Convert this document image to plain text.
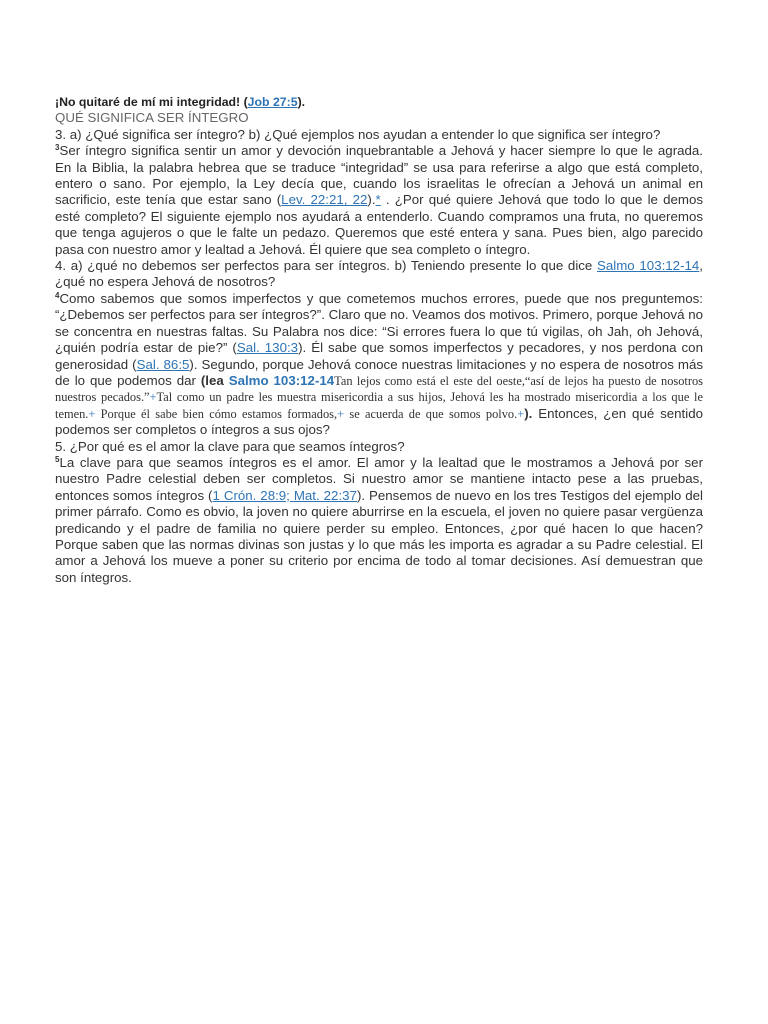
¡No quitaré de mí mi integridad! (Job 27:5).

QUÉ SIGNIFICA SER ÍNTEGRO

3. a) ¿Qué significa ser íntegro? b) ¿Qué ejemplos nos ayudan a entender lo que significa ser íntegro?

$^3$Ser íntegro significa sentir un amor y devoción inquebrantable a Jehová y hacer siempre lo que le agrada. En la Biblia, la palabra hebrea que se traduce “integridad” se usa para referirse a algo que está completo, entero o sano. Por ejemplo, la Ley decía que, cuando los israelitas le ofrecían a Jehová un animal en sacrificio, este tenía que estar sano (Lev. 22:21, 22).* . ¿Por qué quiere Jehová que todo lo que le demos esté completo? El siguiente ejemplo nos ayudará a entenderlo. Cuando compramos una fruta, no queremos que tenga agujeros o que le falte un pedazo. Queremos que esté entera y sana. Pues bien, algo parecido pasa con nuestro amor y lealtad a Jehová. Él quiere que sea completo o íntegro.

4. a) ¿qué no debemos ser perfectos para ser íntegros. b) Teniendo presente lo que dice Salmo 103:12-14, ¿qué no espera Jehová de nosotros?

$^4$Como sabemos que somos imperfectos y que cometemos muchos errores, puede que nos preguntemos: “¿Debemos ser perfectos para ser íntegros?”. Claro que no. Veamos dos motivos. Primero, porque Jehová no se concentra en nuestras faltas. Su Palabra nos dice: “Si errores fuera lo que tú vigilas, oh Jah, oh Jehová, ¿quién podría estar de pie?” (Sal. 130:3). Él sabe que somos imperfectos y pecadores, y nos perdona con generosidad (Sal. 86:5). Segundo, porque Jehová conoce nuestras limitaciones y no espera de nosotros más de lo que podemos dar (lea Salmo 103:12-14Tan lejos como está el este del oeste,“así de lejos ha puesto de nosotros nuestros pecados.”+Tal como un padre les muestra misericordia a sus hijos, Jehová les ha mostrado misericordia a los que le temen.+ Porque él sabe bien cómo estamos formados,+ se acuerda de que somos polvo.+). Entonces, ¿en qué sentido podemos ser completos o íntegros a sus ojos?

5. ¿Por qué es el amor la clave para que seamos íntegros?

$^5$La clave para que seamos íntegros es el amor. El amor y la lealtad que le mostramos a Jehová por ser nuestro Padre celestial deben ser completos. Si nuestro amor se mantiene intacto pese a las pruebas, entonces somos íntegros (1 Crón. 28:9; Mat. 22:37). Pensemos de nuevo en los tres Testigos del ejemplo del primer párrafo. Como es obvio, la joven no quiere aburrirse en la escuela, el joven no quiere pasar vergüenza predicando y el padre de familia no quiere perder su empleo. Entonces, ¿por qué hacen lo que hacen? Porque saben que las normas divinas son justas y lo que más les importa es agradar a su Padre celestial. El amor a Jehová los mueve a poner su criterio por encima de todo al tomar decisiones. Así demuestran que son íntegros.
